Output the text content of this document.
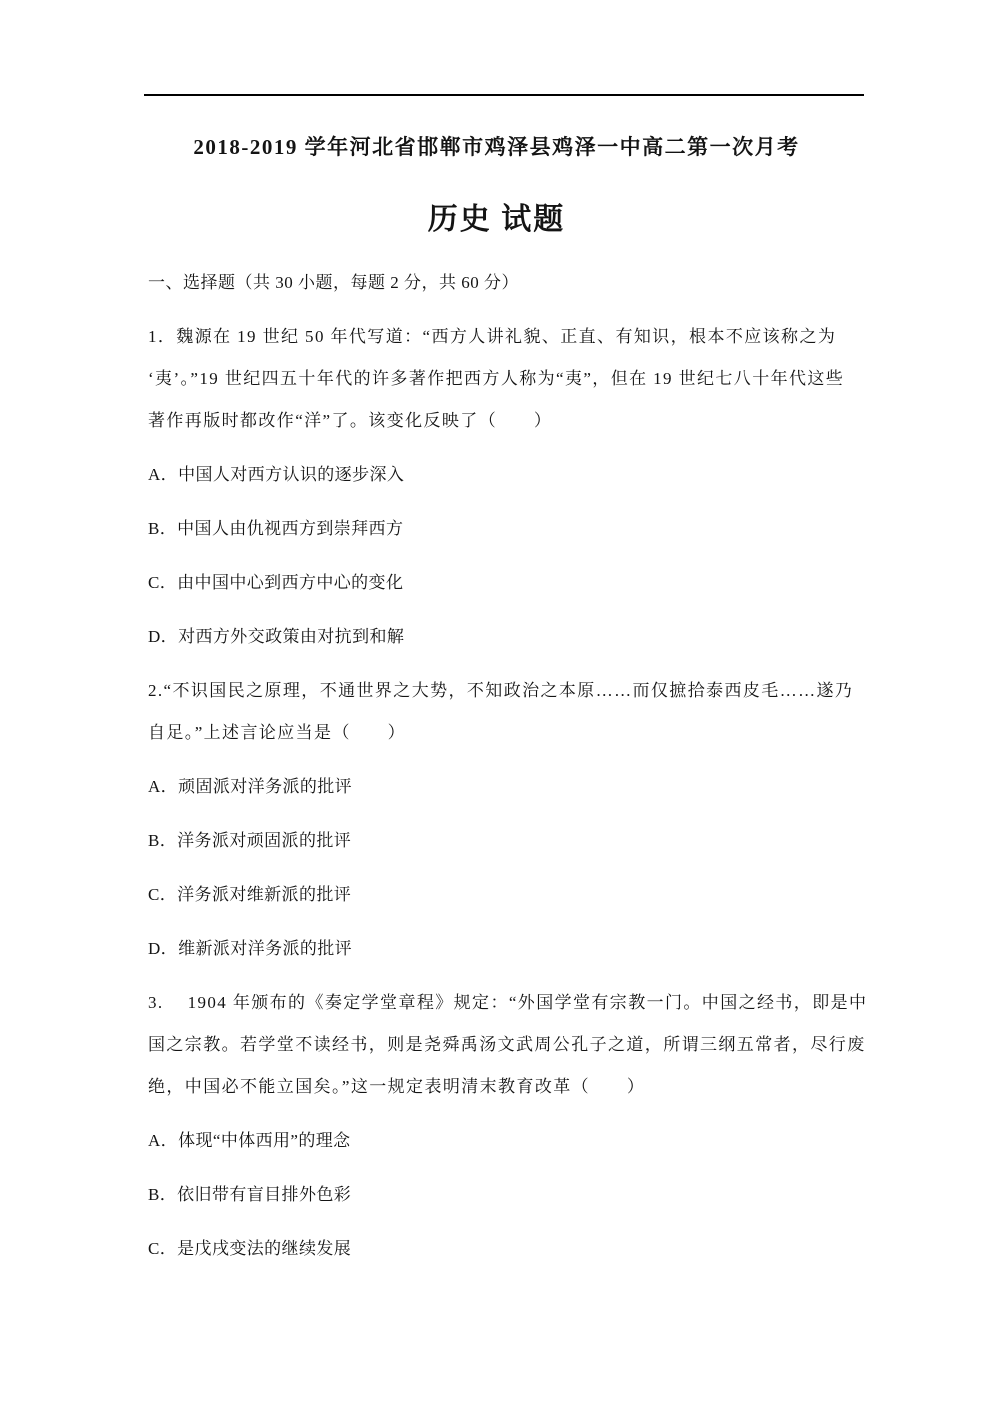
2018-2019 学年河北省邯郸市鸡泽县鸡泽一中高二第一次月考
历史 试题
一、选择题（共 30 小题，每题 2 分，共 60 分）
1．魏源在 19 世纪 50 年代写道：“西方人讲礼貌、正直、有知识，根本不应该称之为
‘夷’。”19 世纪四五十年代的许多著作把西方人称为“夷”，但在 19 世纪七八十年代这些
著作再版时都改作“洋”了。该变化反映了（　　）
A．中国人对西方认识的逐步深入
B．中国人由仇视西方到崇拜西方
C．由中国中心到西方中心的变化
D．对西方外交政策由对抗到和解
2.“不识国民之原理，不通世界之大势，不知政治之本原……而仅摭拾泰西皮毛……遂乃
自足。”上述言论应当是（　　）
A．顽固派对洋务派的批评
B．洋务派对顽固派的批评
C．洋务派对维新派的批评
D．维新派对洋务派的批评
3.　 1904 年颁布的《奏定学堂章程》规定：“外国学堂有宗教一门。中国之经书，即是中
国之宗教。若学堂不读经书，则是尧舜禹汤文武周公孔子之道，所谓三纲五常者，尽行废
绝，中国必不能立国矣。”这一规定表明清末教育改革（　　）
A．体现“中体西用”的理念
B．依旧带有盲目排外色彩
C．是戊戌变法的继续发展
